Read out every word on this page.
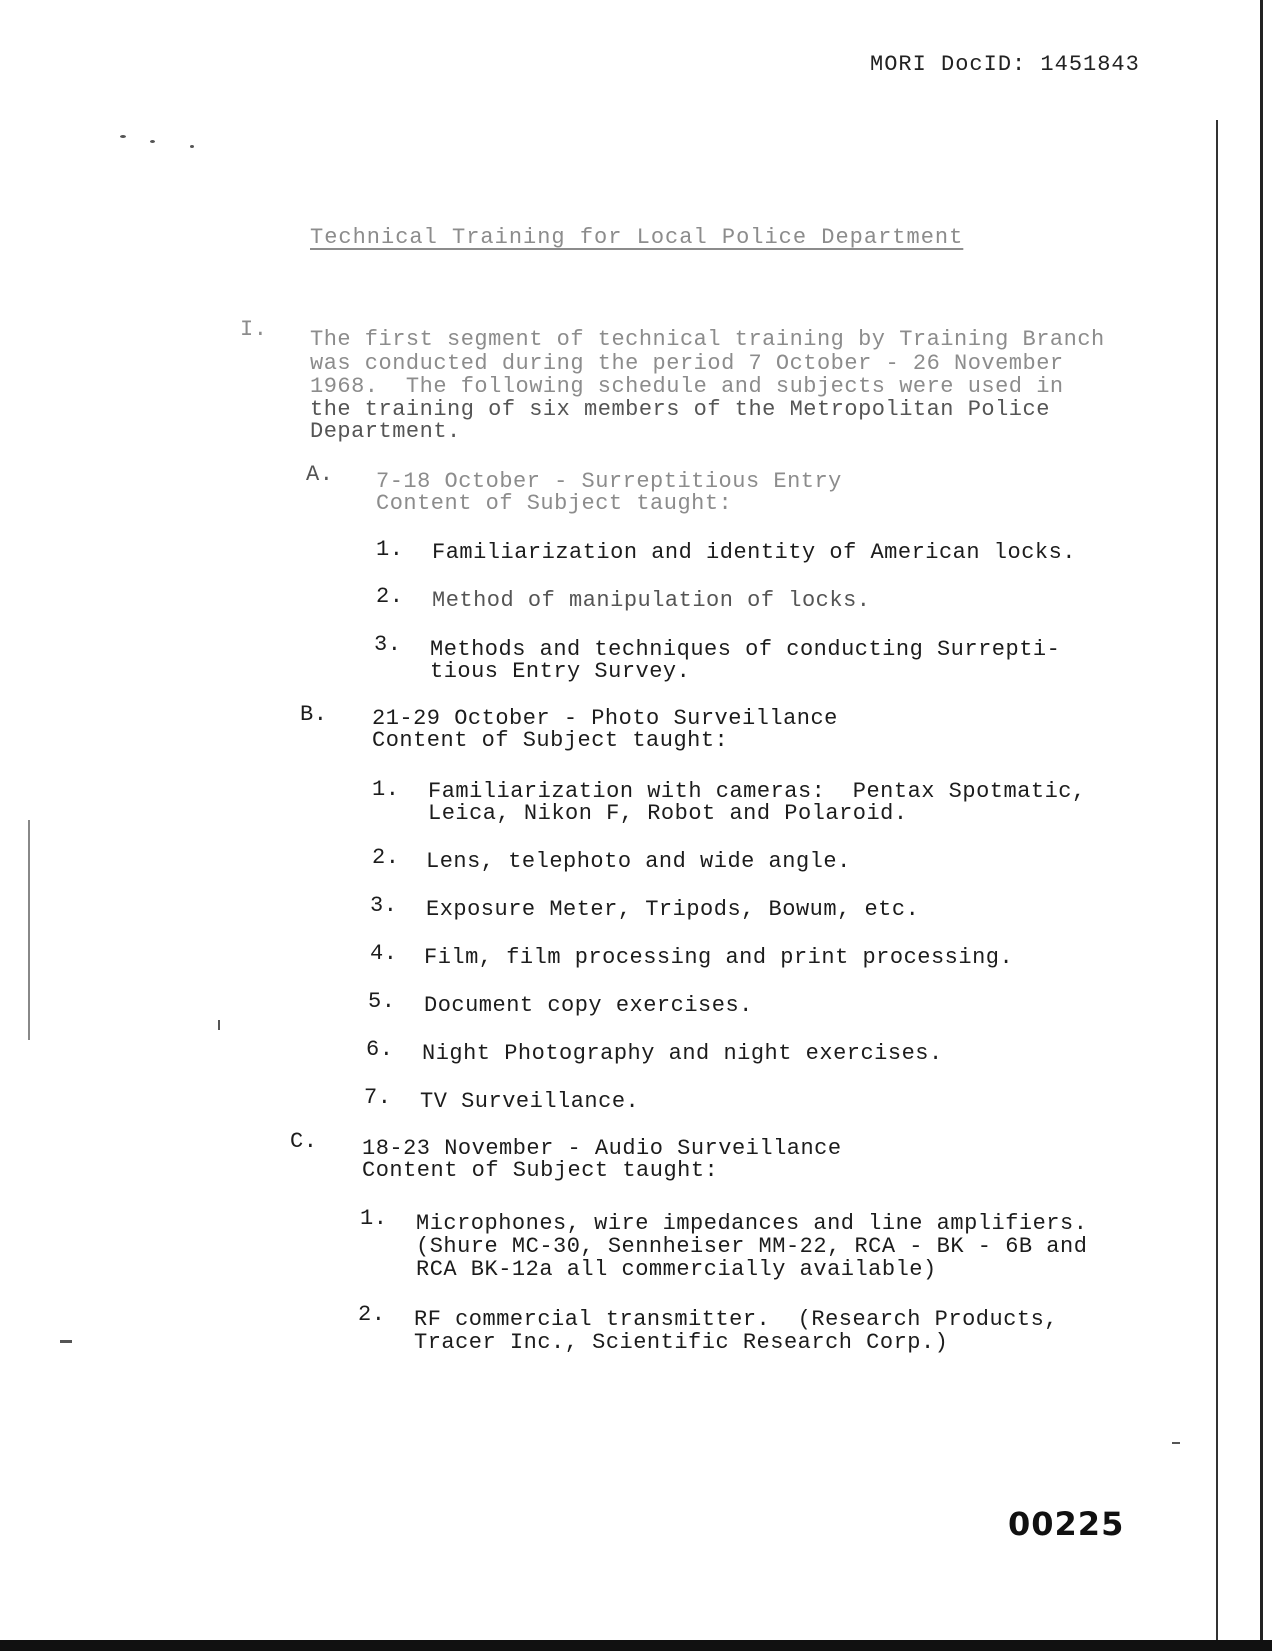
MORI DocID: 1451843
Technical Training for Local Police Department
I. The first segment of technical training by Training Branch
was conducted during the period 7 October - 26 November
1968.  The following schedule and subjects were used in
the training of six members of the Metropolitan Police
Department.
A. 7-18 October - Surreptitious Entry
Content of Subject taught:
1. Familiarization and identity of American locks.
2. Method of manipulation of locks.
3. Methods and techniques of conducting Surrepti-
tious Entry Survey.
B. 21-29 October - Photo Surveillance
Content of Subject taught:
1. Familiarization with cameras:  Pentax Spotmatic,
Leica, Nikon F, Robot and Polaroid.
2. Lens, telephoto and wide angle.
3. Exposure Meter, Tripods, Bowum, etc.
4. Film, film processing and print processing.
5. Document copy exercises.
6. Night Photography and night exercises.
7. TV Surveillance.
C. 18-23 November - Audio Surveillance
Content of Subject taught:
1. Microphones, wire impedances and line amplifiers.
(Shure MC-30, Sennheiser MM-22, RCA - BK - 6B and
RCA BK-12a all commercially available)
2. RF commercial transmitter.  (Research Products,
Tracer Inc., Scientific Research Corp.)
00225
